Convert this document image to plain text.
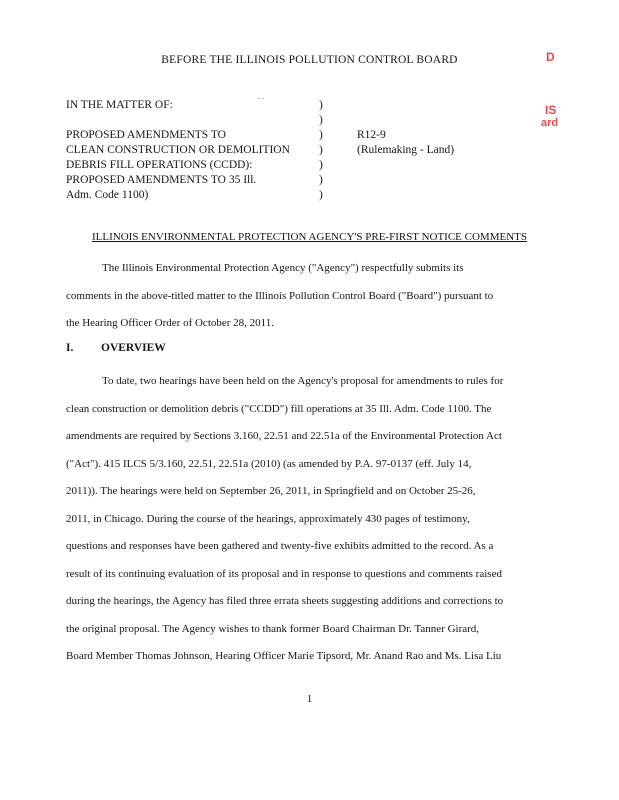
BEFORE THE ILLINOIS POLLUTION CONTROL BOARD	D
IS
ard
. .
IN THE MATTER OF:
PROPOSED AMENDMENTS TO
CLEAN CONSTRUCTION OR DEMOLITION
DEBRIS FILL OPERATIONS (CCDD):
PROPOSED AMENDMENTS TO 35 Ill.
Adm. Code 1100)
)
)
)
)
)
)
)
R12-9
(Rulemaking - Land)
ILLINOIS ENVIRONMENTAL PROTECTION AGENCY'S PRE-FIRST NOTICE COMMENTS
The Illinois Environmental Protection Agency ("Agency") respectfully submits its
comments in the above-titled matter to the Illinois Pollution Control Board ("Board") pursuant to
the Hearing Officer Order of October 28, 2011.
I. OVERVIEW
To date, two hearings have been held on the Agency's proposal for amendments to rules for
clean construction or demolition debris ("CCDD") fill operations at 35 Ill. Adm. Code 1100. The
amendments are required by Sections 3.160, 22.51 and 22.51a of the Environmental Protection Act
("Act"). 415 ILCS 5/3.160, 22.51, 22.51a (2010) (as amended by P.A. 97-0137 (eff. July 14,
2011)). The hearings were held on September 26, 2011, in Springfield and on October 25-26,
2011, in Chicago. During the course of the hearings, approximately 430 pages of testimony,
questions and responses have been gathered and twenty-five exhibits admitted to the record. As a
result of its continuing evaluation of its proposal and in response to questions and comments raised
during the hearings, the Agency has filed three errata sheets suggesting additions and corrections to
the original proposal. The Agency wishes to thank former Board Chairman Dr. Tanner Girard,
Board Member Thomas Johnson, Hearing Officer Marie Tipsord, Mr. Anand Rao and Ms. Lisa Liu
1
